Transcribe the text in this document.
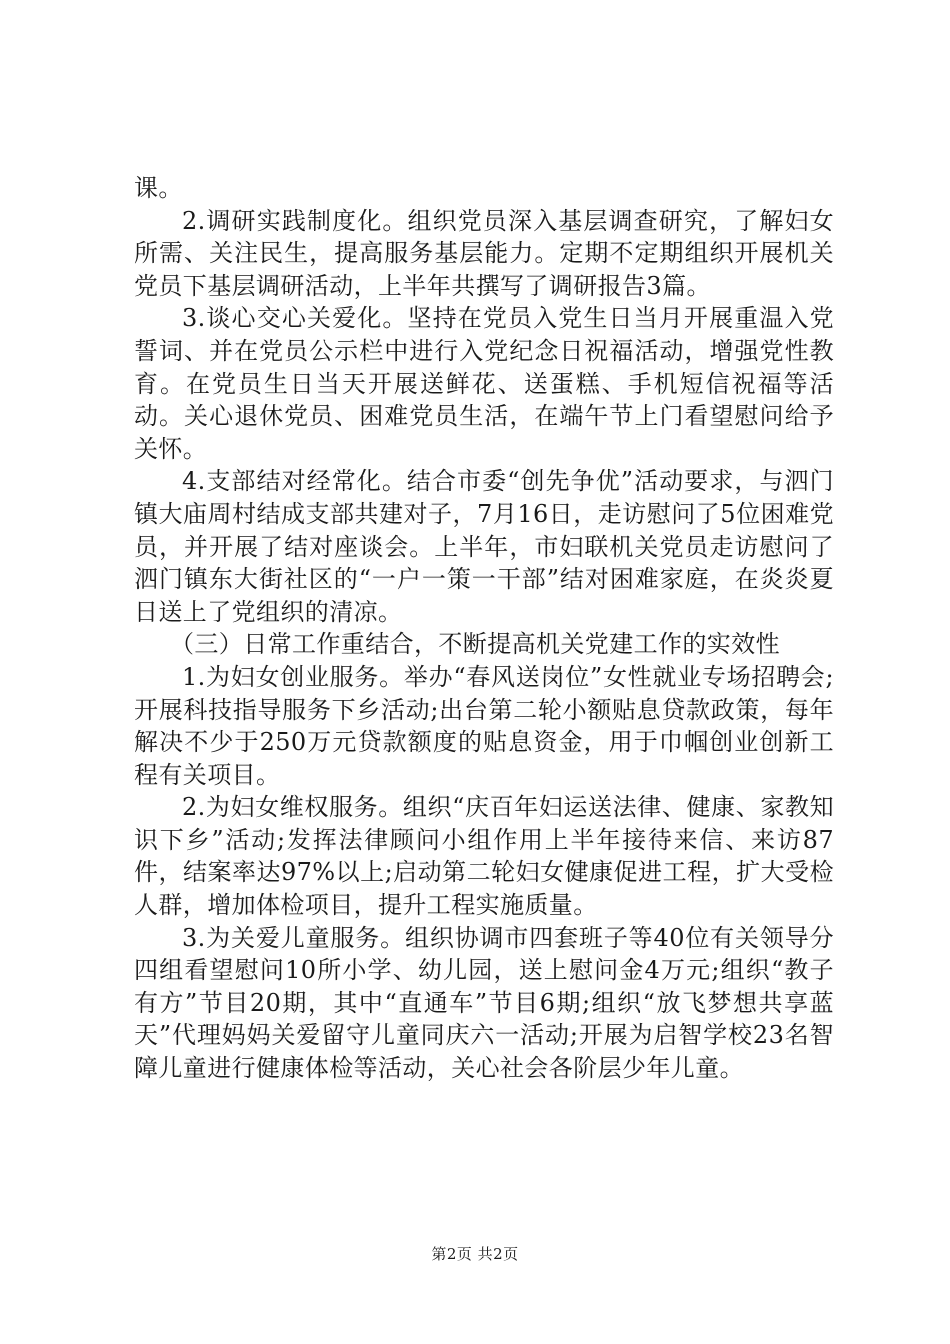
课。

2.调研实践制度化。组织党员深入基层调查研究，了解妇女所需、关注民生，提高服务基层能力。定期不定期组织开展机关党员下基层调研活动，上半年共撰写了调研报告3篇。

3.谈心交心关爱化。坚持在党员入党生日当月开展重温入党誓词、并在党员公示栏中进行入党纪念日祝福活动，增强党性教育。在党员生日当天开展送鲜花、送蛋糕、手机短信祝福等活动。关心退休党员、困难党员生活，在端午节上门看望慰问给予关怀。

4.支部结对经常化。结合市委“创先争优”活动要求，与泗门镇大庙周村结成支部共建对子，7月16日，走访慰问了5位困难党员，并开展了结对座谈会。上半年，市妇联机关党员走访慰问了泗门镇东大街社区的“一户一策一干部”结对困难家庭，在炎炎夏日送上了党组织的清凉。

（三）日常工作重结合，不断提高机关党建工作的实效性

1.为妇女创业服务。举办“春风送岗位”女性就业专场招聘会;开展科技指导服务下乡活动;出台第二轮小额贴息贷款政策，每年解决不少于250万元贷款额度的贴息资金，用于巾帼创业创新工程有关项目。

2.为妇女维权服务。组织“庆百年妇运送法律、健康、家教知识下乡”活动;发挥法律顾问小组作用上半年接待来信、来访87件，结案率达97%以上;启动第二轮妇女健康促进工程，扩大受检人群，增加体检项目，提升工程实施质量。

3.为关爱儿童服务。组织协调市四套班子等40位有关领导分四组看望慰问10所小学、幼儿园，送上慰问金4万元;组织“教子有方”节目20期，其中“直通车”节目6期;组织“放飞梦想共享蓝天”代理妈妈关爱留守儿童同庆六一活动;开展为启智学校23名智障儿童进行健康体检等活动，关心社会各阶层少年儿童。

第2页 共2页
